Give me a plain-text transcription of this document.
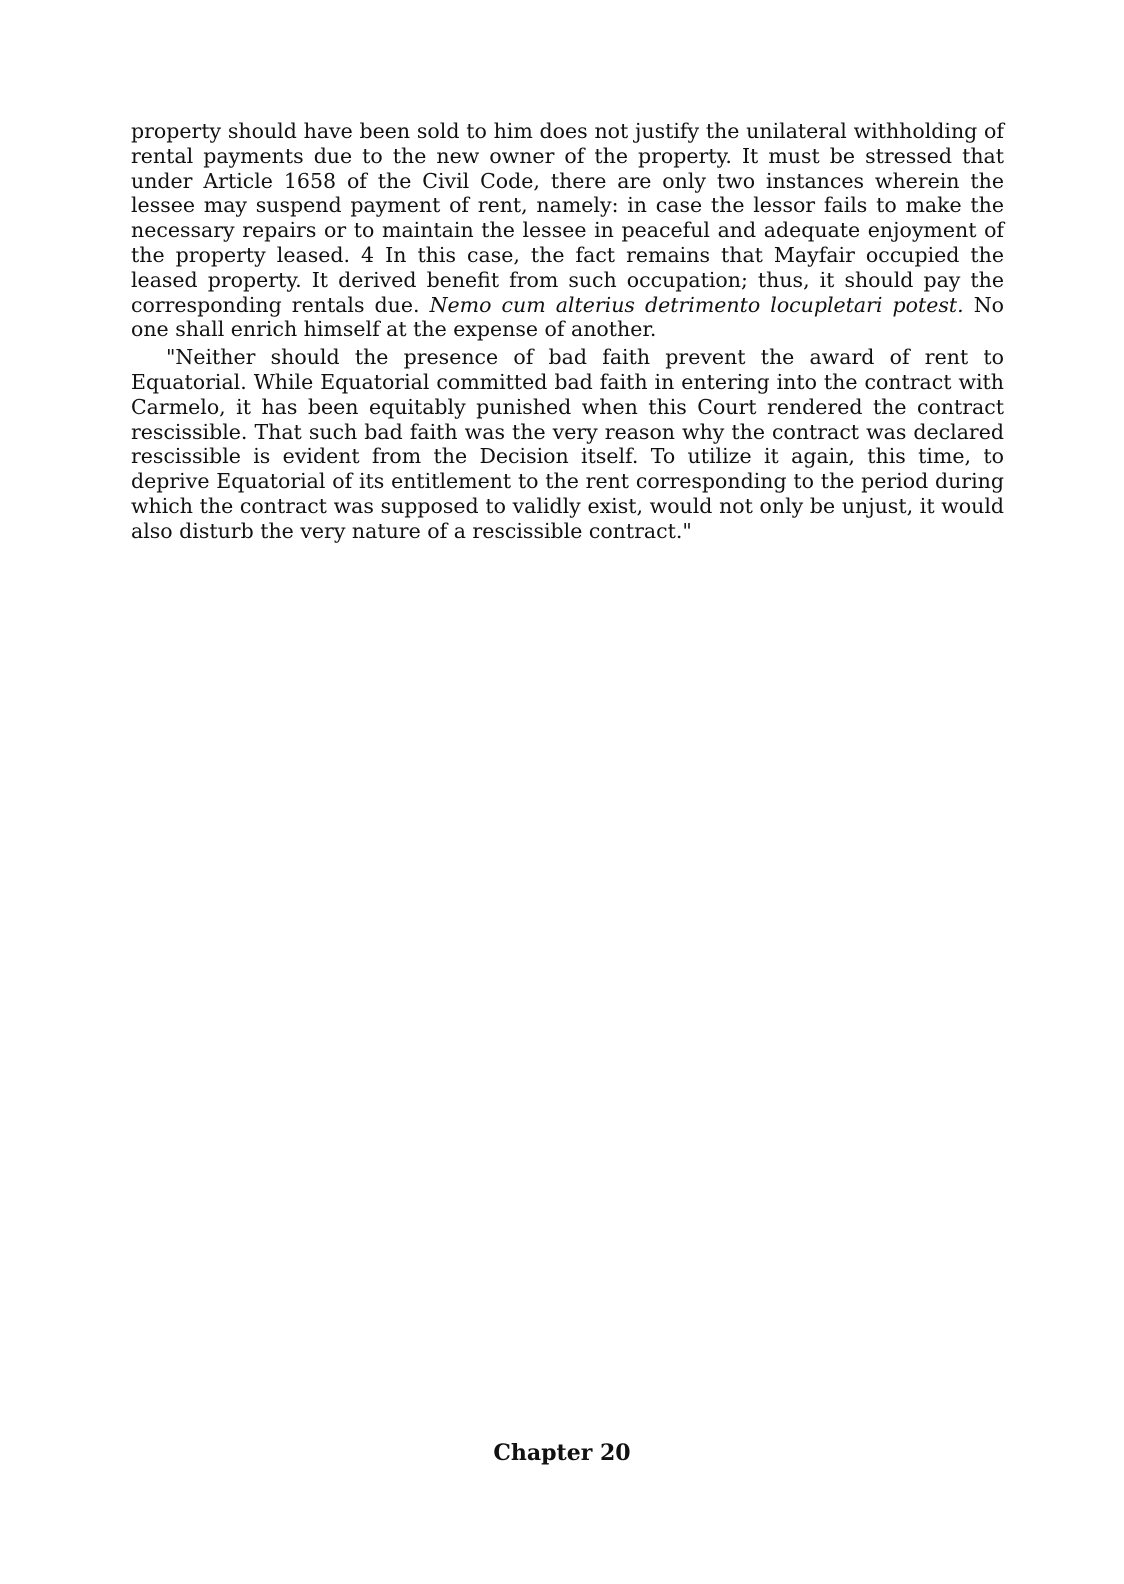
property should have been sold to him does not justify the unilateral withholding of rental payments due to the new owner of the property. It must be stressed that under Article 1658 of the Civil Code, there are only two instances wherein the lessee may suspend payment of rent, namely: in case the lessor fails to make the necessary repairs or to maintain the lessee in peaceful and adequate enjoyment of the property leased. 4 In this case, the fact remains that Mayfair occupied the leased property. It derived benefit from such occupation; thus, it should pay the corresponding rentals due. Nemo cum alterius detrimento locupletari potest. No one shall enrich himself at the expense of another.

"Neither should the presence of bad faith prevent the award of rent to Equatorial. While Equatorial committed bad faith in entering into the contract with Carmelo, it has been equitably punished when this Court rendered the contract rescissible. That such bad faith was the very reason why the contract was declared rescissible is evident from the Decision itself. To utilize it again, this time, to deprive Equatorial of its entitlement to the rent corresponding to the period during which the contract was supposed to validly exist, would not only be unjust, it would also disturb the very nature of a rescissible contract."

Chapter 20
